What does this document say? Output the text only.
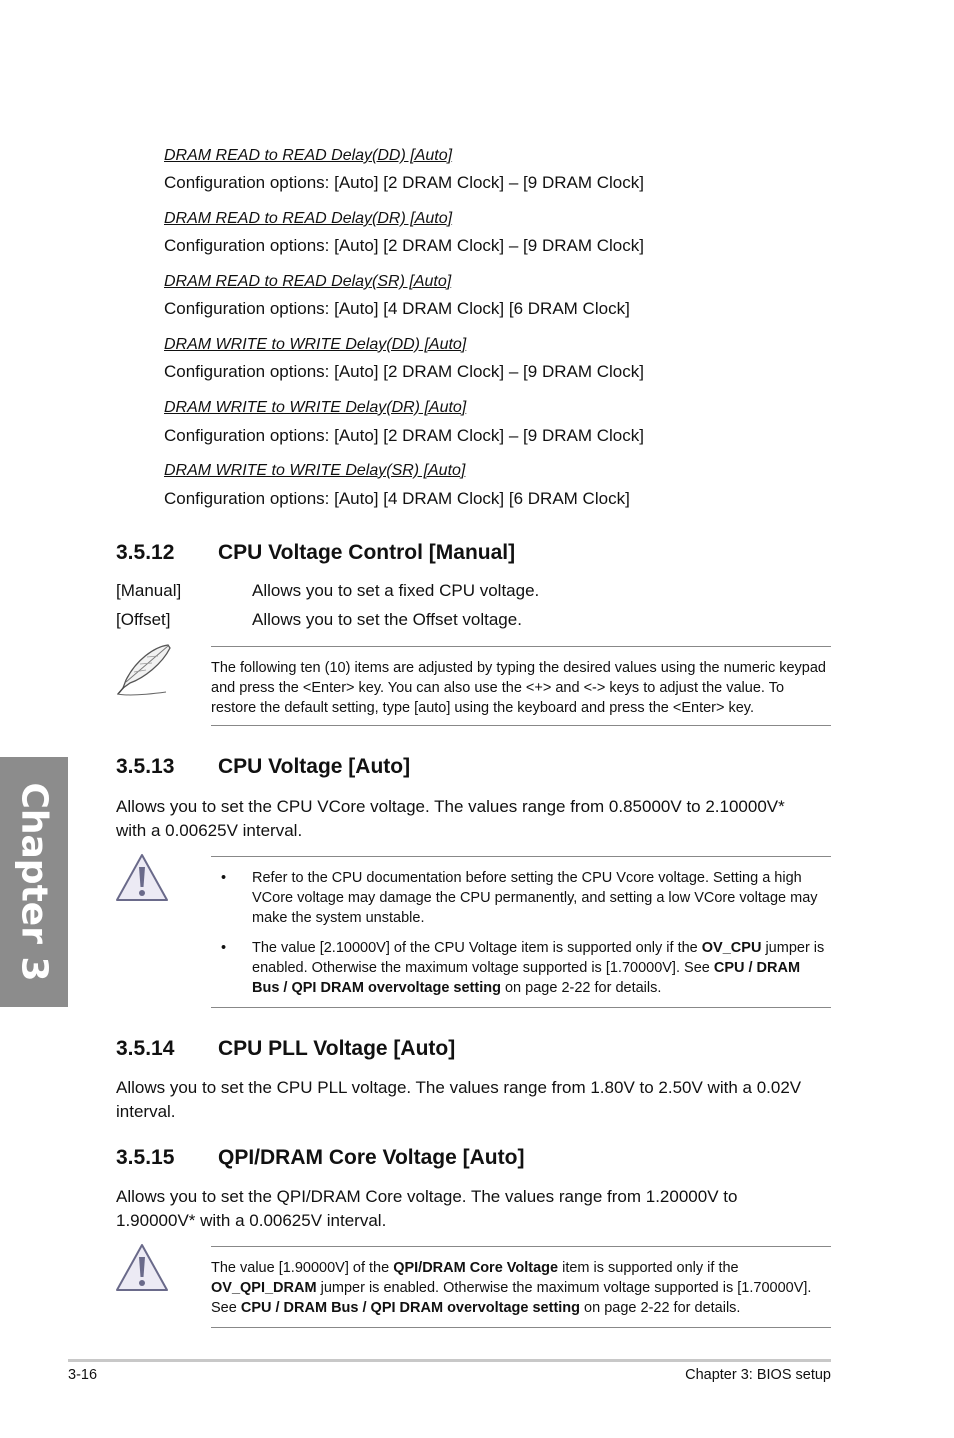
DRAM READ to READ Delay(DD) [Auto]
Configuration options: [Auto] [2 DRAM Clock] – [9 DRAM Clock]
DRAM READ to READ Delay(DR) [Auto]
Configuration options: [Auto] [2 DRAM Clock] – [9 DRAM Clock]
DRAM READ to READ Delay(SR) [Auto]
Configuration options: [Auto] [4 DRAM Clock] [6 DRAM Clock]
DRAM WRITE to WRITE Delay(DD) [Auto]
Configuration options: [Auto] [2 DRAM Clock] – [9 DRAM Clock]
DRAM WRITE to WRITE Delay(DR) [Auto]
Configuration options: [Auto] [2 DRAM Clock] – [9 DRAM Clock]
DRAM WRITE to WRITE Delay(SR) [Auto]
Configuration options: [Auto] [4 DRAM Clock] [6 DRAM Clock]
3.5.12 CPU Voltage Control [Manual]
[Manual]	Allows you to set a fixed CPU voltage.
[Offset]	Allows you to set the Offset voltage.

The following ten (10) items are adjusted by typing the desired values using the numeric keypad and press the <Enter> key. You can also use the <+> and <-> keys to adjust the value. To restore the default setting, type [auto] using the keyboard and press the <Enter> key.

3.5.13 CPU Voltage [Auto]
Allows you to set the CPU VCore voltage. The values range from 0.85000V to 2.10000V* with a 0.00625V interval.
• Refer to the CPU documentation before setting the CPU Vcore voltage. Setting a high VCore voltage may damage the CPU permanently, and setting a low VCore voltage may make the system unstable.
• The value [2.10000V] of the CPU Voltage item is supported only if the OV_CPU jumper is enabled. Otherwise the maximum voltage supported is [1.70000V]. See CPU / DRAM Bus / QPI DRAM overvoltage setting on page 2-22 for details.
3.5.14 CPU PLL Voltage [Auto]
Allows you to set the CPU PLL voltage. The values range from 1.80V to 2.50V with a 0.02V interval.
3.5.15 QPI/DRAM Core Voltage [Auto]
Allows you to set the QPI/DRAM Core voltage. The values range from 1.20000V to 1.90000V* with a 0.00625V interval.

The value [1.90000V] of the QPI/DRAM Core Voltage item is supported only if the OV_QPI_DRAM jumper is enabled. Otherwise the maximum voltage supported is [1.70000V]. See CPU / DRAM Bus / QPI DRAM overvoltage setting on page 2-22 for details.

Chapter 3
3-16	Chapter 3: BIOS setup
